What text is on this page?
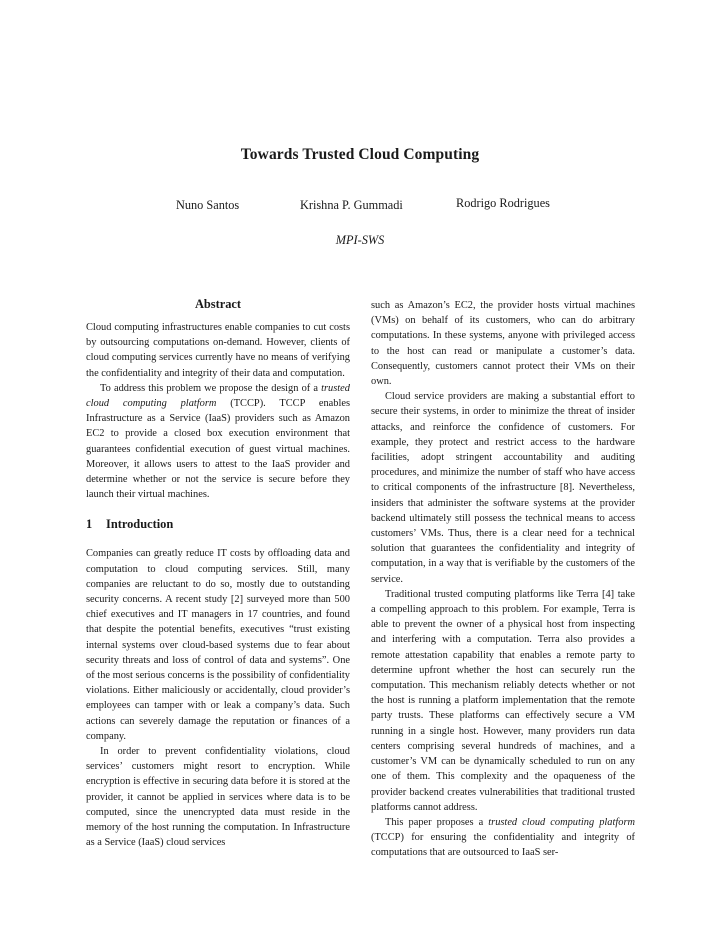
Towards Trusted Cloud Computing
Nuno Santos	Krishna P. Gummadi	Rodrigo Rodrigues
MPI-SWS
Abstract

Cloud computing infrastructures enable companies to cut costs by outsourcing computations on-demand. However, clients of cloud computing services currently have no means of verifying the confidentiality and integrity of their data and computation.

To address this problem we propose the design of a trusted cloud computing platform (TCCP). TCCP enables Infrastructure as a Service (IaaS) providers such as Amazon EC2 to provide a closed box execution environment that guarantees confidential execution of guest virtual machines. Moreover, it allows users to attest to the IaaS provider and determine whether or not the service is secure before they launch their virtual machines.

1 Introduction

Companies can greatly reduce IT costs by offloading data and computation to cloud computing services. Still, many companies are reluctant to do so, mostly due to outstanding security concerns. A recent study [2] surveyed more than 500 chief executives and IT managers in 17 countries, and found that despite the potential benefits, executives “trust existing internal systems over cloud-based systems due to fear about security threats and loss of control of data and systems”. One of the most serious concerns is the possibility of confidentiality violations. Either maliciously or accidentally, cloud provider’s employees can tamper with or leak a company’s data. Such actions can severely damage the reputation or finances of a company.

In order to prevent confidentiality violations, cloud services’ customers might resort to encryption. While encryption is effective in securing data before it is stored at the provider, it cannot be applied in services where data is to be computed, since the unencrypted data must reside in the memory of the host running the computation. In Infrastructure as a Service (IaaS) cloud services

such as Amazon’s EC2, the provider hosts virtual machines (VMs) on behalf of its customers, who can do arbitrary computations. In these systems, anyone with privileged access to the host can read or manipulate a customer’s data. Consequently, customers cannot protect their VMs on their own.

Cloud service providers are making a substantial effort to secure their systems, in order to minimize the threat of insider attacks, and reinforce the confidence of customers. For example, they protect and restrict access to the hardware facilities, adopt stringent accountability and auditing procedures, and minimize the number of staff who have access to critical components of the infrastructure [8]. Nevertheless, insiders that administer the software systems at the provider backend ultimately still possess the technical means to access customers’ VMs. Thus, there is a clear need for a technical solution that guarantees the confidentiality and integrity of computation, in a way that is verifiable by the customers of the service.

Traditional trusted computing platforms like Terra [4] take a compelling approach to this problem. For example, Terra is able to prevent the owner of a physical host from inspecting and interfering with a computation. Terra also provides a remote attestation capability that enables a remote party to determine upfront whether the host can securely run the computation. This mechanism reliably detects whether or not the host is running a platform implementation that the remote party trusts. These platforms can effectively secure a VM running in a single host. However, many providers run data centers comprising several hundreds of machines, and a customer’s VM can be dynamically scheduled to run on any one of them. This complexity and the opaqueness of the provider backend creates vulnerabilities that traditional trusted platforms cannot address.

This paper proposes a trusted cloud computing platform (TCCP) for ensuring the confidentiality and integrity of computations that are outsourced to IaaS ser-
